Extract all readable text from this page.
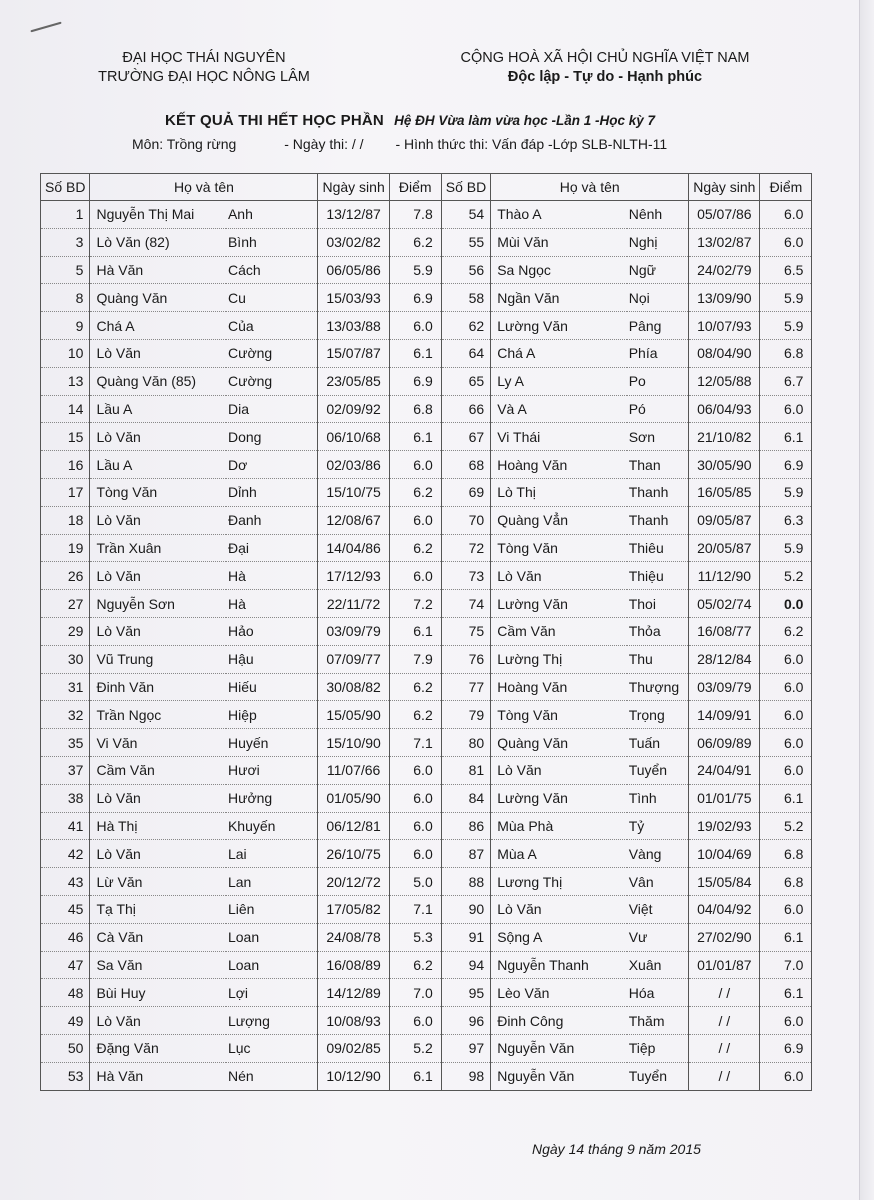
ĐẠI HỌC THÁI NGUYÊN
TRƯỜNG ĐẠI HỌC NÔNG LÂM
CỘNG HOÀ XÃ HỘI CHỦ NGHĨA VIỆT NAM
Độc lập - Tự do - Hạnh phúc
KẾT QUẢ THI HẾT HỌC PHẦN Hệ ĐH Vừa làm vừa học -Lần 1 -Học kỳ 7
Môn: Trồng rừng	- Ngày thi: / / - Hình thức thi: Vấn đáp -Lớp SLB-NLTH-11
Số BD	Họ và tên		Ngày sinh	Điểm	Số BD	Họ và tên		Ngày sinh	Điểm
1	Nguyễn Thị Mai	Anh	13/12/87	7.8	54	Thào A	Nênh	05/07/86	6.0
3	Lò Văn (82)	Bình	03/02/82	6.2	55	Mùi Văn	Nghị	13/02/87	6.0
5	Hà Văn	Cách	06/05/86	5.9	56	Sa Ngọc	Ngữ	24/02/79	6.5
8	Quàng Văn	Cu	15/03/93	6.9	58	Ngần Văn	Nọi	13/09/90	5.9
9	Chá A	Của	13/03/88	6.0	62	Lường Văn	Pâng	10/07/93	5.9
10	Lò Văn	Cường	15/07/87	6.1	64	Chá A	Phía	08/04/90	6.8
13	Quàng Văn (85)	Cường	23/05/85	6.9	65	Ly A	Po	12/05/88	6.7
14	Lầu A	Dia	02/09/92	6.8	66	Và A	Pó	06/04/93	6.0
15	Lò Văn	Dong	06/10/68	6.1	67	Vi Thái	Sơn	21/10/82	6.1
16	Lầu A	Dơ	02/03/86	6.0	68	Hoàng Văn	Than	30/05/90	6.9
17	Tòng Văn	Dỉnh	15/10/75	6.2	69	Lò Thị	Thanh	16/05/85	5.9
18	Lò Văn	Đanh	12/08/67	6.0	70	Quàng Vẳn	Thanh	09/05/87	6.3
19	Trần Xuân	Đại	14/04/86	6.2	72	Tòng Văn	Thiêu	20/05/87	5.9
26	Lò Văn	Hà	17/12/93	6.0	73	Lò Văn	Thiệu	11/12/90	5.2
27	Nguyễn Sơn	Hà	22/11/72	7.2	74	Lường Văn	Thoi	05/02/74	0.0
29	Lò Văn	Hảo	03/09/79	6.1	75	Cầm Văn	Thỏa	16/08/77	6.2
30	Vũ Trung	Hậu	07/09/77	7.9	76	Lường Thị	Thu	28/12/84	6.0
31	Đinh Văn	Hiếu	30/08/82	6.2	77	Hoàng Văn	Thượng	03/09/79	6.0
32	Trần Ngọc	Hiệp	15/05/90	6.2	79	Tòng Văn	Trọng	14/09/91	6.0
35	Vi Văn	Huyến	15/10/90	7.1	80	Quàng Văn	Tuấn	06/09/89	6.0
37	Cầm Văn	Hươi	11/07/66	6.0	81	Lò Văn	Tuyển	24/04/91	6.0
38	Lò Văn	Hưởng	01/05/90	6.0	84	Lường Văn	Tình	01/01/75	6.1
41	Hà Thị	Khuyến	06/12/81	6.0	86	Mùa Phà	Tỷ	19/02/93	5.2
42	Lò Văn	Lai	26/10/75	6.0	87	Mùa A	Vàng	10/04/69	6.8
43	Lừ Văn	Lan	20/12/72	5.0	88	Lương Thị	Vân	15/05/84	6.8
45	Tạ Thị	Liên	17/05/82	7.1	90	Lò Văn	Việt	04/04/92	6.0
46	Cà Văn	Loan	24/08/78	5.3	91	Sộng A	Vư	27/02/90	6.1
47	Sa Văn	Loan	16/08/89	6.2	94	Nguyễn Thanh	Xuân	01/01/87	7.0
48	Bùi Huy	Lợi	14/12/89	7.0	95	Lèo Văn	Hóa	/ /	6.1
49	Lò Văn	Lượng	10/08/93	6.0	96	Đinh Công	Thăm	/ /	6.0
50	Đặng Văn	Lục	09/02/85	5.2	97	Nguyễn Văn	Tiệp	/ /	6.9
53	Hà Văn	Nén	10/12/90	6.1	98	Nguyễn Văn	Tuyển	/ /	6.0
Ngày 14 tháng 9 năm 2015
